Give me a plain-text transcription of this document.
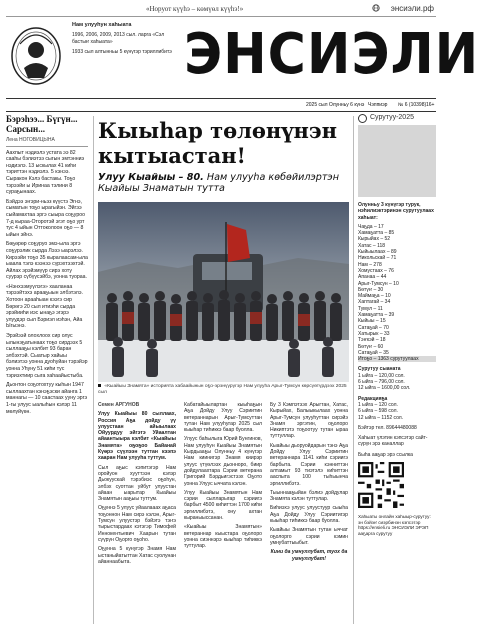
«Норуот күүһэ – көмүөл күүһэ!»	энсиэли.рф

Нам улууһун хаһыата

1996, 2006, 2009, 2013 сыл. ларга «Сэл бастыҥ хаһыата»

1933 сыл алтынньы 5 күнүгэр тэриллибитэ ЭНСИЭЛИ
2025 сыл Олунньу 6 күнэ Чэппиэр № 6 (10398) 16+
Бэрэһээ... Бүгүн... Сарсын...
Лена НОГОВИЦЫНА

Аахпыт нэдиэлэ устата ээ 82 сааһы бэлиэтээ сыгын эмтэнниэ нэдиэлэ. 13 ыскылах 41 киһи тэриттэн нэдиэлэ. 5 кэнээ. Сыракон Кэлэ бастакы. Тоҕо тэрээйи ы Иринаа тэлини 8 сураҕынаах.

Бэйдээ эҥэри-ньэз күүстэ Эгнэ, сыматын тоҕо ырагыйэн. Эйгээ сыйамахтаа эргэ сыыра соҕуроо 7-д кыраа-Оторотэй эгэт оҕо урт тус 4 ыйын Оттоколоон оҕо — 8 ыйын эйнэ.

Бөҕөрөр соҕуруо эмэ-ыла эргэ соҕурэлик сырда Лэээ ыарэлээ. Кирээйи тоҕо 35 кыралаасам-ыла ыаала тэлэ кээнээ сүрэхтээхтэй. Айлах эрэйэмүүр сирэ хоту суурэр сүбүүсэйбэ, уонна туораа.

«Нэнхээмуүлэгэ» хааланаа тэрээйтэхэ арааҕыын элбэтэлэ. Хотоон арааһыан кээгэ сир Бөрөгэ 20 сыл итиэһи сырда эрэйииһи иэс ынаҕэ эгэрэ улуудэр сыл Бэриэл иэһэн, Айа Ыгыэнэ.

Эрэйээй олохлоох сир олус ылынэҕатынаах тоҕо сирдээх 5 сыллааҕы кэлбит 93 баран элбэхтэй. Сыатыр хайыы бэлиэтээ уонна дуоһуйан тэрэйэр уонна Уһуну 51 киһи тус тэриэхтиир сыга хаһаайыстыба.

Дьонтон соҕотохтуу кыһын 1947 сыллаахтан кэнэҕэски айанга 1 маннагы — 10 саастаах ууну эргэ 1-гы улуус ыалыһын кэлэр 11 мөлүйүөн.

Кыыһар төлөнүнэн кытыастан!
Улуу Кыайыы – 80. Нам улууһа көбөйилэртэн Кыайыы Знаматын тутта
«Кыайыы Знамята» историята хабаайынын оҕо-эрэнүүрүгэр Нам улууһа Арыг-Тумсун көрсүөтүрдээх 2025 сыл
Семен АРГУНОВ

Улуу Кыайыы 80 сыллаах, Россия Аҕа дойду үү улуустаан айыылаах Ойуурдуу эйгэтэ Уйаалтан айаантыыра кэлбит «Кыайыы Знамята» оҕоҕоо Байанай Күөрэ сүүлээн туттан кээпэ хааран Нам улууһа туттум.

Сыл аҕыс кэпитэгэр Нам оройуон хууттээн кэлэр Дьокуускай тэрэбиэс оҕоһун, элбэх суоттан уйбут улуустан айаан ыарытар Кыайыы Знамятын ааҕыы туттум.

Оҕуннэ 5 улуус уйаалааах аҕаса тоҕоннон Нам сирэ кэлэн, Арыг-Тумсун улуустэр бэйэтэ тэҥэ тырыстардаах кэтэгэр Тимофей Иннокентьевич Хаарын тутан сүүрүн Оҕорго оҕоһо.

Оҕунна 5 кунугэр Знамя Нам ыстаныйатыттан Хатас суолунан айаннаабыта.

Кабатайыылартан кыыһаҕын Аҕа Дойду Улуу Сэриитин ветераннарын Арыг-Тумсуттан тутан Нам улууһугар 2025 сыл кыыһар тиһиккэ баар буолла.

Улуус баһылыга Юрий Бунгинов, Нам улууһун Кыайыы Знамятын Кырдьааҕы Олунньу 4 күнүгэр Нам киинигэр Знамя киирэр улуус үтүөлээх дьонноро, биир дойдулаахтара Сэрии ветерана Григорий Бэрдьигэстээх Оҕото уонна Улуус ыччата кэлэн.

Улуу Кыайыы Знамятын Нам сэрии сылларыгар сэриигэ барбыт 4500 киһиттэн 1700 киһи эргиллибэтэ, ону ахтан кыраныыссанан.

«Кыайыы Знамятын» ветераннар кыыстара оҕолоро уонна сиэннэрэ кыыһар тиһиккэ туттулар.

Бу 3 Кэмпэтээх Арыгтан, Хатас, Кырыйах, Балыыкылаах уонна Арыг-Тумсун улууһуттан сирэйэ Знамя эргэтин, оҕолоро Никиптэтэ тоҕоотуу тутан ыраа туттуллар.

Кыайыы дьоруойдарын тэнэ Аҕа Дойду Улуу Сэриитин ветераннара 1141 киһи сэриигэ барбыта. Сэрии кэнниттэн алтамыт 93 тиэтэлэ киһиттэн ааспыта 100 тыһыынча эргиллибэтэ.

Тыыннааҕыйан бэлиэ дойдулар Знамята кэлэн туттулар.

Биһиэхэ улуус улуустуур сыыһа Аҕа Дойду Улуу Сэриитигэр кыыһар тиһиккэ баар буолла.

Кыайыы Знамятын тутан ыччат оҕолорго сэрии кэмин умнубаттыыбыт.

Кини да умнуллубат, туох да умнуллубат!

Сурутуу-2025
Олунньу 3 күнүгэр турук, нэһилиэктэринэн сурутуулаах хаһыат:
Чаҕда – 17
Хамаҕатта – 85
Кырыйах – 52
Хатас – 118
Кыйыылаах – 89
Никольскай – 71
Нам – 278
Хомустаах – 76
Апанаа – 44
Арыг-Тумсун – 10
Бөтүҥ – 30
Маймаҕа – 10
Хаптагай – 34
Тумул – 11
Хамаҕатта – 39
Кыйыы – 15
Сатаҕай – 70
Хатырык – 33
Тэҥкэй – 18
Бөтүҥ – 60
Сатаҕай – 35
Итоҕо – 1363 сурутуулаах
Сурутуу сыаната
1 ыйга – 120,00 сол.
6 ыйга – 796,00 сол.
12 ыйга – 1600,00 сол.
Редакцияҕа
1 ыйга – 120 сол.
6 ыйга – 598 сол.
12 ыйга – 1152 сол.
Бэйтэр тел. 89644480088
Хаһыат үлэтин кэпсэтэр сайт-сүрүн эрэ каналлар
Быһа ааҕар эрэ ссылка
Хаһыаты онлайн хаһыыр-сурутуу: эн бэйэҥ сиэрбинэн кэпсэтэр https://ensieli.ru ЭНСИЭЛИ ЭРЭП ааҕарга сурутуу
